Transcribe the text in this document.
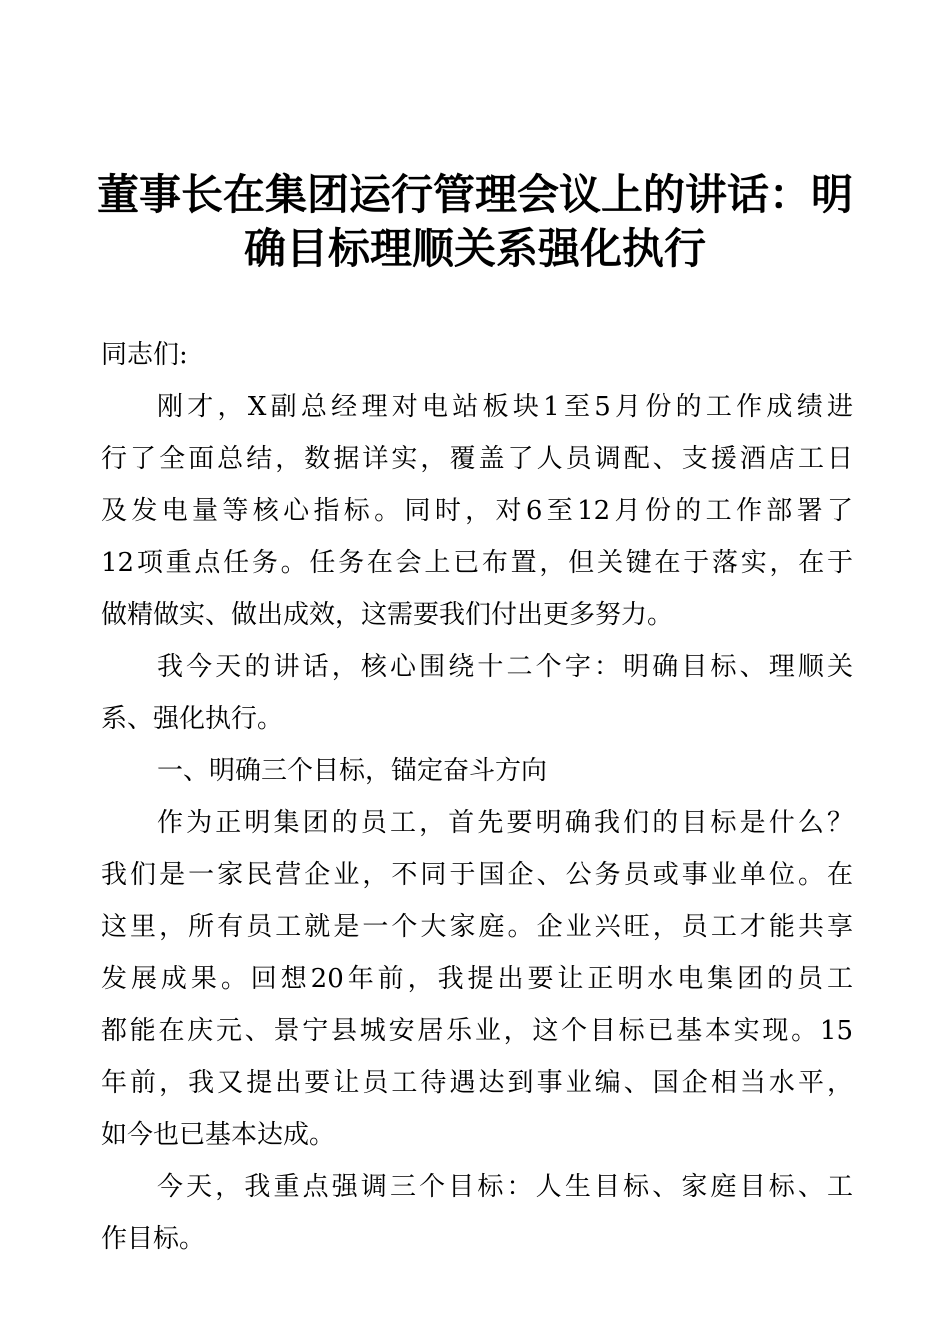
董事长在集团运行管理会议上的讲话：明
确目标理顺关系强化执行
同志们:
刚才，X副总经理对电站板块1至5月份的工作成绩进
行了全面总结，数据详实，覆盖了人员调配、支援酒店工日
及发电量等核心指标。同时，对6至12月份的工作部署了
12项重点任务。任务在会上已布置，但关键在于落实，在于
做精做实、做出成效，这需要我们付出更多努力。
我今天的讲话，核心围绕十二个字：明确目标、理顺关
系、强化执行。
一、明确三个目标，锚定奋斗方向
作为正明集团的员工，首先要明确我们的目标是什么？
我们是一家民营企业，不同于国企、公务员或事业单位。在
这里，所有员工就是一个大家庭。企业兴旺，员工才能共享
发展成果。回想20年前，我提出要让正明水电集团的员工
都能在庆元、景宁县城安居乐业，这个目标已基本实现。15
年前，我又提出要让员工待遇达到事业编、国企相当水平，
如今也已基本达成。
今天，我重点强调三个目标：人生目标、家庭目标、工
作目标。
